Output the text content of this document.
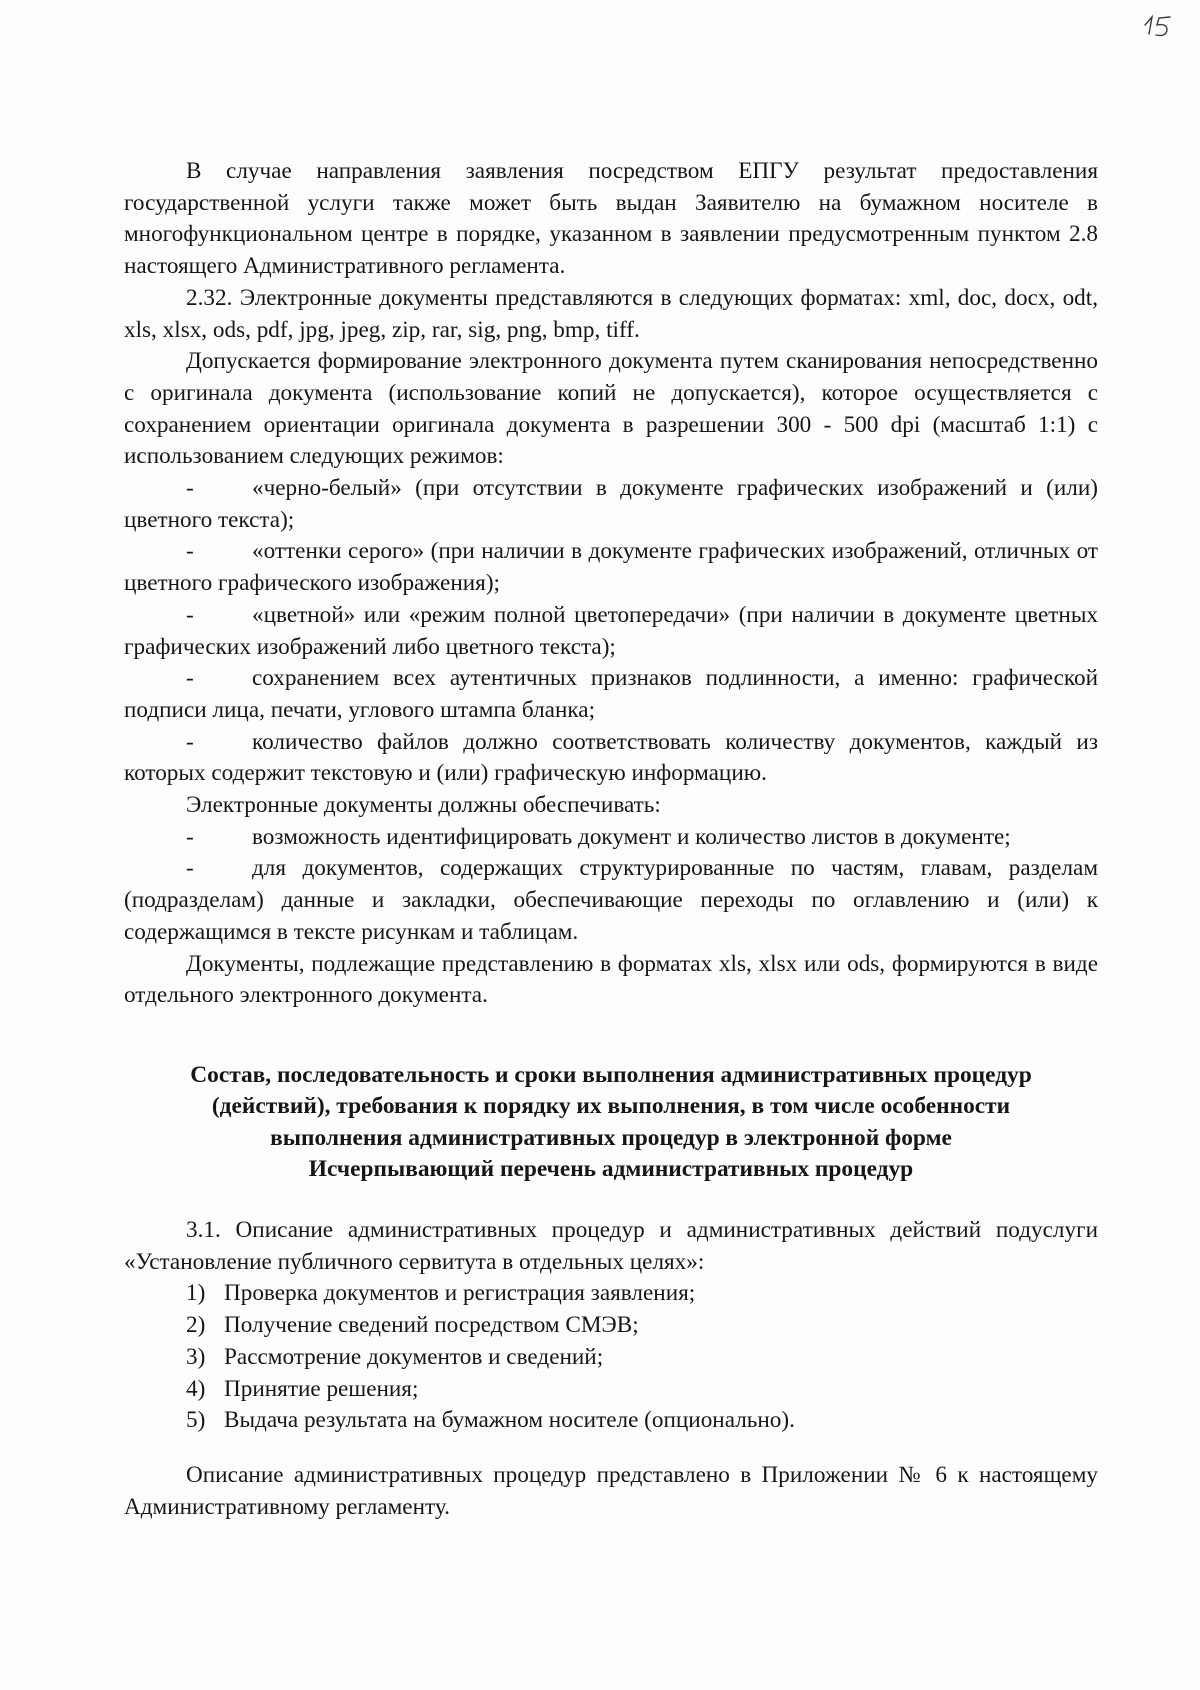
В случае направления заявления посредством ЕПГУ результат предоставления государственной услуги также может быть выдан Заявителю на бумажном носителе в многофункциональном центре в порядке, указанном в заявлении предусмотренным пунктом 2.8 настоящего Административного регламента.

2.32. Электронные документы представляются в следующих форматах: xml, doc, docx, odt, xls, xlsx, ods, pdf, jpg, jpeg, zip, rar, sig, png, bmp, tiff.

Допускается формирование электронного документа путем сканирования непосредственно с оригинала документа (использование копий не допускается), которое осуществляется с сохранением ориентации оригинала документа в разрешении 300 - 500 dpi (масштаб 1:1) с использованием следующих режимов:

-	«черно-белый» (при отсутствии в документе графических изображений и (или) цветного текста);

-	«оттенки серого» (при наличии в документе графических изображений, отличных от цветного графического изображения);

-	«цветной» или «режим полной цветопередачи» (при наличии в документе цветных графических изображений либо цветного текста);

-	сохранением всех аутентичных признаков подлинности, а именно: графической подписи лица, печати, углового штампа бланка;

-	количество файлов должно соответствовать количеству документов, каждый из которых содержит текстовую и (или) графическую информацию.

Электронные документы должны обеспечивать:

-	возможность идентифицировать документ и количество листов в документе;

-	для документов, содержащих структурированные по частям, главам, разделам (подразделам) данные и закладки, обеспечивающие переходы по оглавлению и (или) к содержащимся в тексте рисункам и таблицам.

Документы, подлежащие представлению в форматах xls, xlsx или ods, формируются в виде отдельного электронного документа.

Состав, последовательность и сроки выполнения административных процедур

(действий), требования к порядку их выполнения, в том числе особенности

выполнения административных процедур в электронной форме

Исчерпывающий перечень административных процедур

3.1. Описание административных процедур и административных действий подуслуги «Установление публичного сервитута в отдельных целях»:

1) Проверка документов и регистрация заявления;

2) Получение сведений посредством СМЭВ;

3) Рассмотрение документов и сведений;

4) Принятие решения;

5) Выдача результата на бумажном носителе (опционально).

Описание административных процедур представлено в Приложении № 6 к настоящему Административному регламенту.
